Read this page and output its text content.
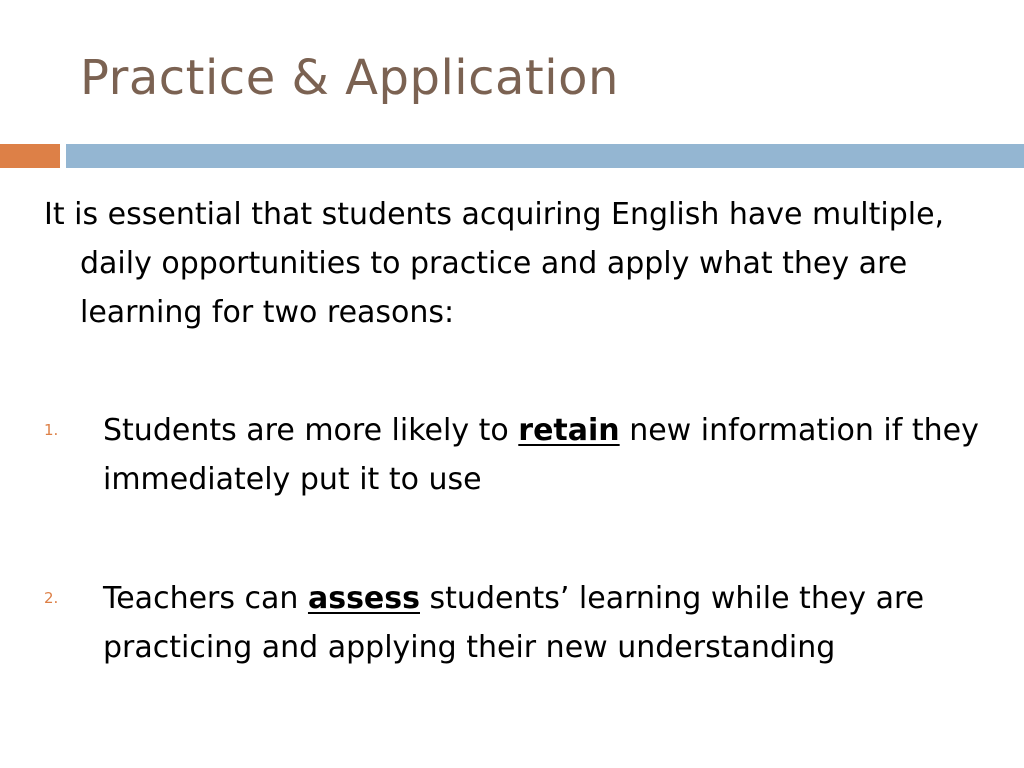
Practice & Application
It is essential that students acquiring English have multiple, daily opportunities to practice and apply what they are learning for two reasons:
1.	Students are more likely to retain new information if they immediately put it to use
2.	Teachers can assess students’ learning while they are practicing and applying their new understanding
